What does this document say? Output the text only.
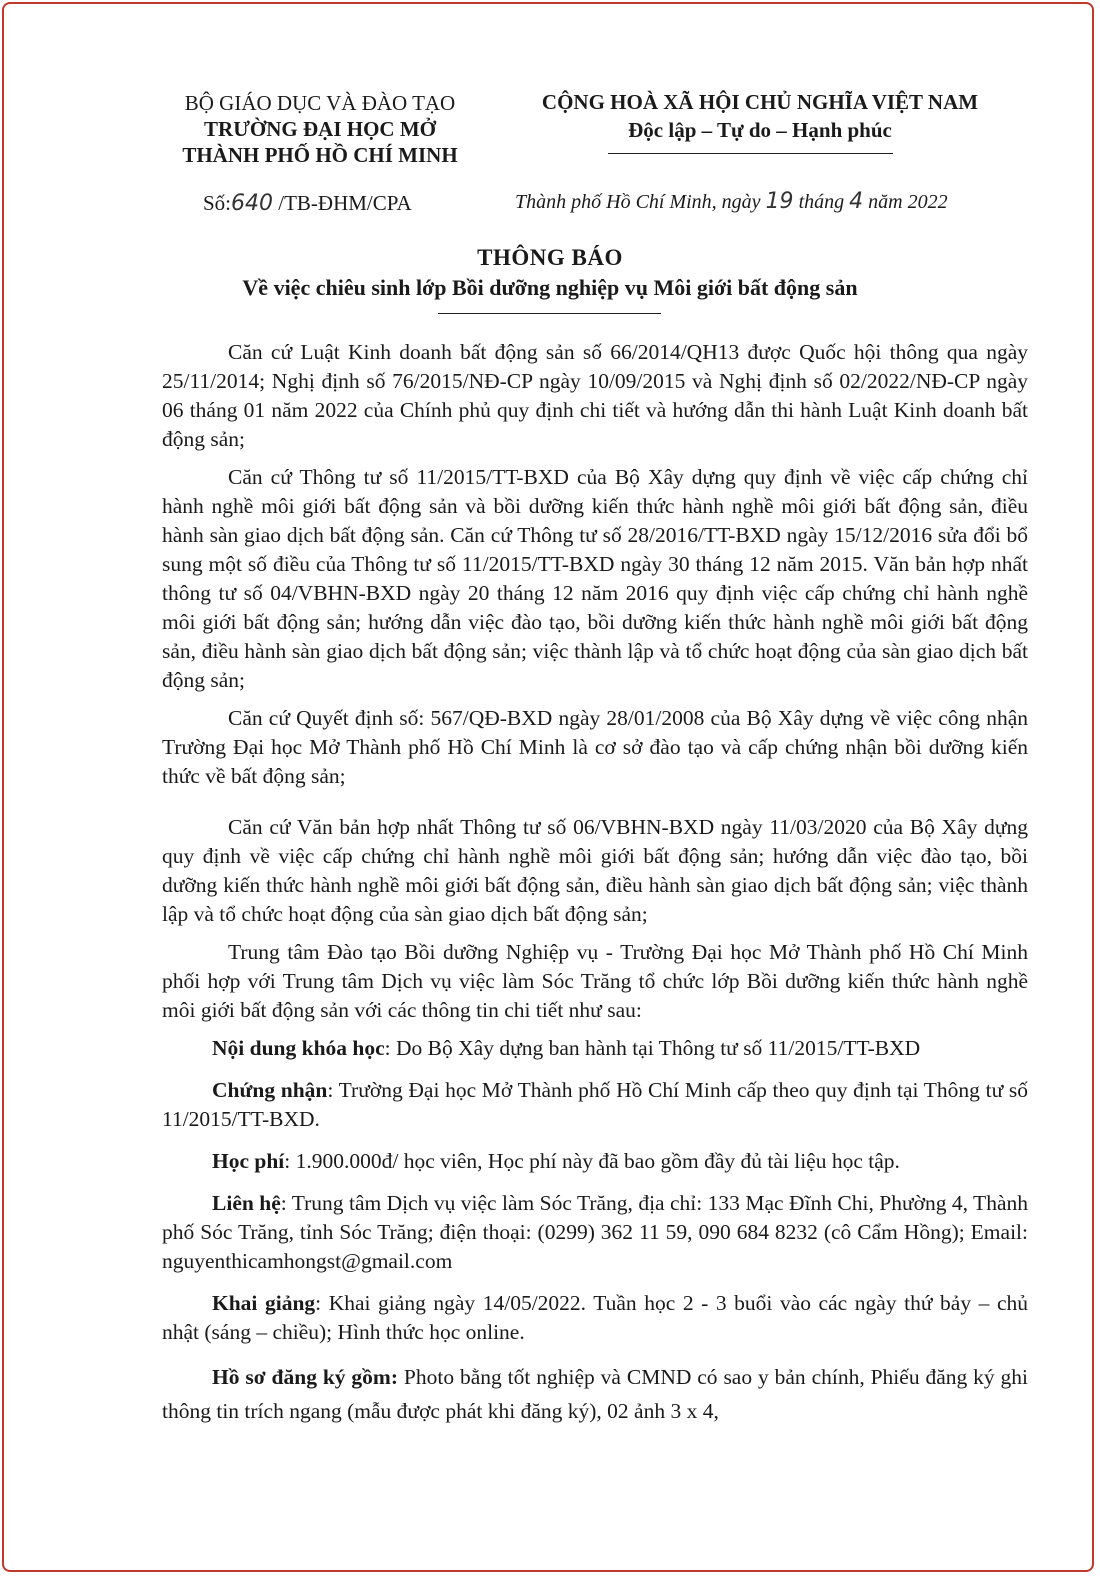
BỘ GIÁO DỤC VÀ ĐÀO TẠO
TRƯỜNG ĐẠI HỌC MỞ
THÀNH PHỐ HỒ CHÍ MINH
CỘNG HOÀ XÃ HỘI CHỦ NGHĨA VIỆT NAM
Độc lập – Tự do – Hạnh phúc
Số:640 /TB-ĐHM/CPA	Thành phố Hồ Chí Minh, ngày 19 tháng 4 năm 2022
THÔNG BÁO
Về việc chiêu sinh lớp Bồi dưỡng nghiệp vụ Môi giới bất động sản

Căn cứ Luật Kinh doanh bất động sản số 66/2014/QH13 được Quốc hội thông qua ngày 25/11/2014; Nghị định số 76/2015/NĐ-CP ngày 10/09/2015 và Nghị định số 02/2022/NĐ-CP ngày 06 tháng 01 năm 2022 của Chính phủ quy định chi tiết và hướng dẫn thi hành Luật Kinh doanh bất động sản;

Căn cứ Thông tư số 11/2015/TT-BXD của Bộ Xây dựng quy định về việc cấp chứng chỉ hành nghề môi giới bất động sản và bồi dưỡng kiến thức hành nghề môi giới bất động sản, điều hành sàn giao dịch bất động sản. Căn cứ Thông tư số 28/2016/TT-BXD ngày 15/12/2016 sửa đổi bổ sung một số điều của Thông tư số 11/2015/TT-BXD ngày 30 tháng 12 năm 2015. Văn bản hợp nhất thông tư số 04/VBHN-BXD ngày 20 tháng 12 năm 2016 quy định việc cấp chứng chỉ hành nghề môi giới bất động sản; hướng dẫn việc đào tạo, bồi dưỡng kiến thức hành nghề môi giới bất động sản, điều hành sàn giao dịch bất động sản; việc thành lập và tổ chức hoạt động của sàn giao dịch bất động sản;

Căn cứ Quyết định số: 567/QĐ-BXD ngày 28/01/2008 của Bộ Xây dựng về việc công nhận Trường Đại học Mở Thành phố Hồ Chí Minh là cơ sở đào tạo và cấp chứng nhận bồi dưỡng kiến thức về bất động sản;

Căn cứ Văn bản hợp nhất Thông tư số 06/VBHN-BXD ngày 11/03/2020 của Bộ Xây dựng quy định về việc cấp chứng chỉ hành nghề môi giới bất động sản; hướng dẫn việc đào tạo, bồi dưỡng kiến thức hành nghề môi giới bất động sản, điều hành sàn giao dịch bất động sản; việc thành lập và tổ chức hoạt động của sàn giao dịch bất động sản;

Trung tâm Đào tạo Bồi dưỡng Nghiệp vụ - Trường Đại học Mở Thành phố Hồ Chí Minh phối hợp với Trung tâm Dịch vụ việc làm Sóc Trăng tổ chức lớp Bồi dưỡng kiến thức hành nghề môi giới bất động sản với các thông tin chi tiết như sau:

Nội dung khóa học: Do Bộ Xây dựng ban hành tại Thông tư số 11/2015/TT-BXD

Chứng nhận: Trường Đại học Mở Thành phố Hồ Chí Minh cấp theo quy định tại Thông tư số 11/2015/TT-BXD.

Học phí: 1.900.000đ/ học viên, Học phí này đã bao gồm đầy đủ tài liệu học tập.

Liên hệ: Trung tâm Dịch vụ việc làm Sóc Trăng, địa chỉ: 133 Mạc Đĩnh Chi, Phường 4, Thành phố Sóc Trăng, tỉnh Sóc Trăng; điện thoại: (0299) 362 11 59, 090 684 8232 (cô Cẩm Hồng); Email: nguyenthicamhongst@gmail.com

Khai giảng: Khai giảng ngày 14/05/2022. Tuần học 2 - 3 buổi vào các ngày thứ bảy – chủ nhật (sáng – chiều); Hình thức học online.

Hồ sơ đăng ký gồm: Photo bằng tốt nghiệp và CMND có sao y bản chính, Phiếu đăng ký ghi thông tin trích ngang (mẫu được phát khi đăng ký), 02 ảnh 3 x 4,
